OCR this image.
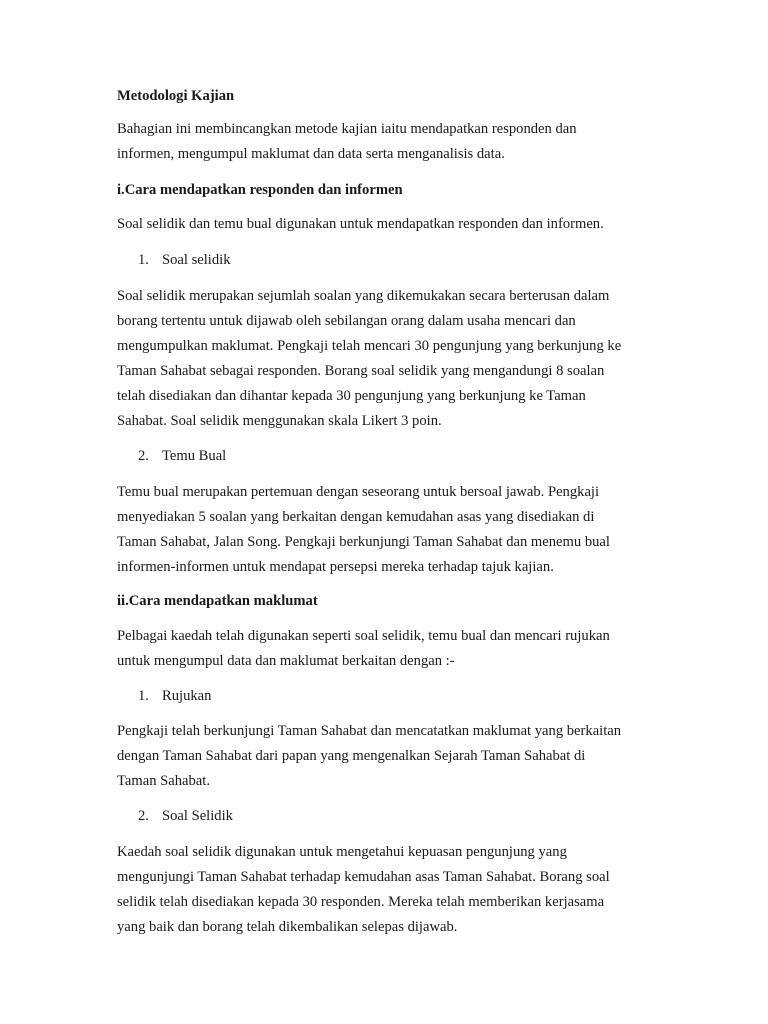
Metodologi Kajian

Bahagian ini membincangkan metode kajian iaitu mendapatkan responden dan
informen, mengumpul maklumat dan data serta menganalisis data.

i.Cara mendapatkan responden dan informen

Soal selidik dan temu bual digunakan untuk mendapatkan responden dan informen.

1. Soal selidik

Soal selidik merupakan sejumlah soalan yang dikemukakan secara berterusan dalam
borang tertentu untuk dijawab oleh sebilangan orang dalam usaha mencari dan
mengumpulkan maklumat. Pengkaji telah mencari 30 pengunjung yang berkunjung ke
Taman Sahabat sebagai responden. Borang soal selidik yang mengandungi 8 soalan
telah disediakan dan dihantar kepada 30 pengunjung yang berkunjung ke Taman
Sahabat. Soal selidik menggunakan skala Likert 3 poin.

2. Temu Bual

Temu bual merupakan pertemuan dengan seseorang untuk bersoal jawab. Pengkaji
menyediakan 5 soalan yang berkaitan dengan kemudahan asas yang disediakan di
Taman Sahabat, Jalan Song. Pengkaji berkunjungi Taman Sahabat dan menemu bual
informen-informen untuk mendapat persepsi mereka terhadap tajuk kajian.

ii.Cara mendapatkan maklumat

Pelbagai kaedah telah digunakan seperti soal selidik, temu bual dan mencari rujukan
untuk mengumpul data dan maklumat berkaitan dengan :-

1. Rujukan

Pengkaji telah berkunjungi Taman Sahabat dan mencatatkan maklumat yang berkaitan
dengan Taman Sahabat dari papan yang mengenalkan Sejarah Taman Sahabat di
Taman Sahabat.

2. Soal Selidik

Kaedah soal selidik digunakan untuk mengetahui kepuasan pengunjung yang
mengunjungi Taman Sahabat terhadap kemudahan asas Taman Sahabat. Borang soal
selidik telah disediakan kepada 30 responden. Mereka telah memberikan kerjasama
yang baik dan borang telah dikembalikan selepas dijawab.
